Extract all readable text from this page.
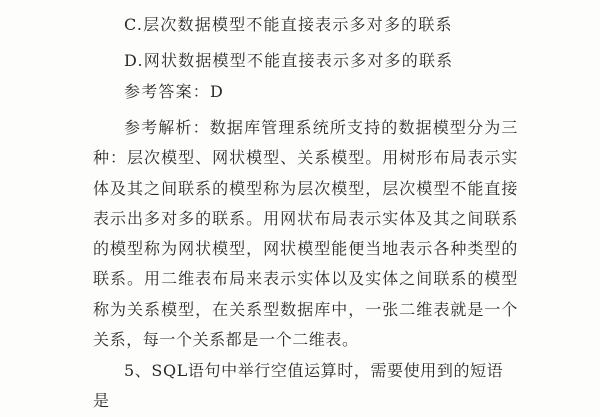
C.层次数据模型不能直接表示多对多的联系
D.网状数据模型不能直接表示多对多的联系
参考答案：D
参考解析：数据库管理系统所支持的数据模型分为三种：层次模型、网状模型、关系模型。用树形布局表示实体及其之间联系的模型称为层次模型，层次模型不能直接表示出多对多的联系。用网状布局表示实体及其之间联系的模型称为网状模型，网状模型能便当地表示各种类型的联系。用二维表布局来表示实体以及实体之间联系的模型称为关系模型，在关系型数据库中，一张二维表就是一个关系，每一个关系都是一个二维表。
5、SQL语句中举行空值运算时，需要使用到的短语是
